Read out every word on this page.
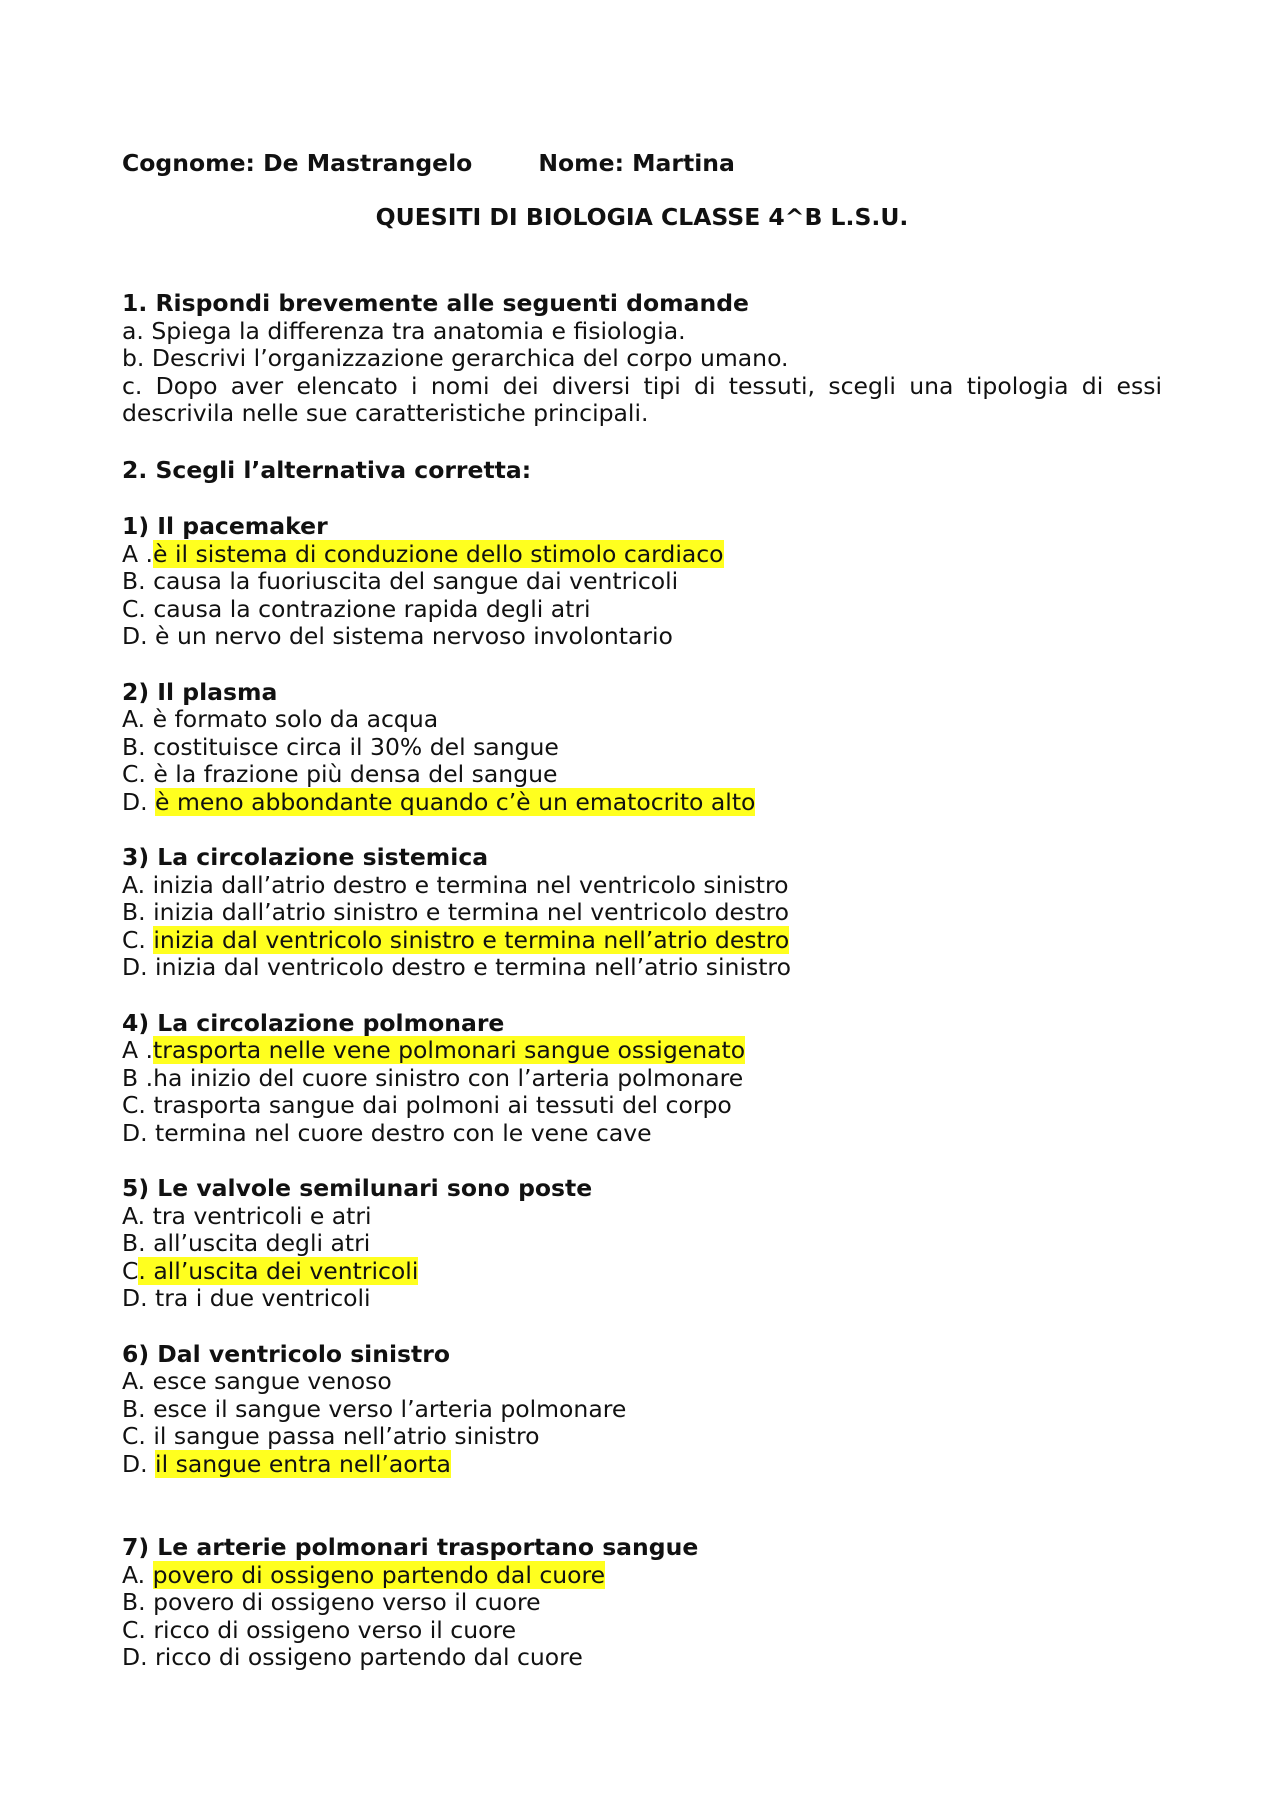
Cognome: De Mastrangelo	Nome: Martina
QUESITI DI BIOLOGIA CLASSE 4^B L.S.U.
1. Rispondi brevemente alle seguenti domande
a. Spiega la differenza tra anatomia e fisiologia.
b. Descrivi l’organizzazione gerarchica del corpo umano.
c. Dopo aver elencato i nomi dei diversi tipi di tessuti, scegli una tipologia di essi descrivila nelle sue caratteristiche principali.
2. Scegli l’alternativa corretta:
1) Il pacemaker
A .è il sistema di conduzione dello stimolo cardiaco
B. causa la fuoriuscita del sangue dai ventricoli
C. causa la contrazione rapida degli atri
D. è un nervo del sistema nervoso involontario
2) Il plasma
A. è formato solo da acqua
B. costituisce circa il 30% del sangue
C. è la frazione più densa del sangue
D. è meno abbondante quando c’è un ematocrito alto
3) La circolazione sistemica
A. inizia dall’atrio destro e termina nel ventricolo sinistro
B. inizia dall’atrio sinistro e termina nel ventricolo destro
C. inizia dal ventricolo sinistro e termina nell’atrio destro
D. inizia dal ventricolo destro e termina nell’atrio sinistro
4) La circolazione polmonare
A .trasporta nelle vene polmonari sangue ossigenato
B .ha inizio del cuore sinistro con l’arteria polmonare
C. trasporta sangue dai polmoni ai tessuti del corpo
D. termina nel cuore destro con le vene cave
5) Le valvole semilunari sono poste
A. tra ventricoli e atri
B. all’uscita degli atri
C. all’uscita dei ventricoli
D. tra i due ventricoli
6) Dal ventricolo sinistro
A. esce sangue venoso
B. esce il sangue verso l’arteria polmonare
C. il sangue passa nell’atrio sinistro
D. il sangue entra nell’aorta
7) Le arterie polmonari trasportano sangue
A. povero di ossigeno partendo dal cuore
B. povero di ossigeno verso il cuore
C. ricco di ossigeno verso il cuore
D. ricco di ossigeno partendo dal cuore
